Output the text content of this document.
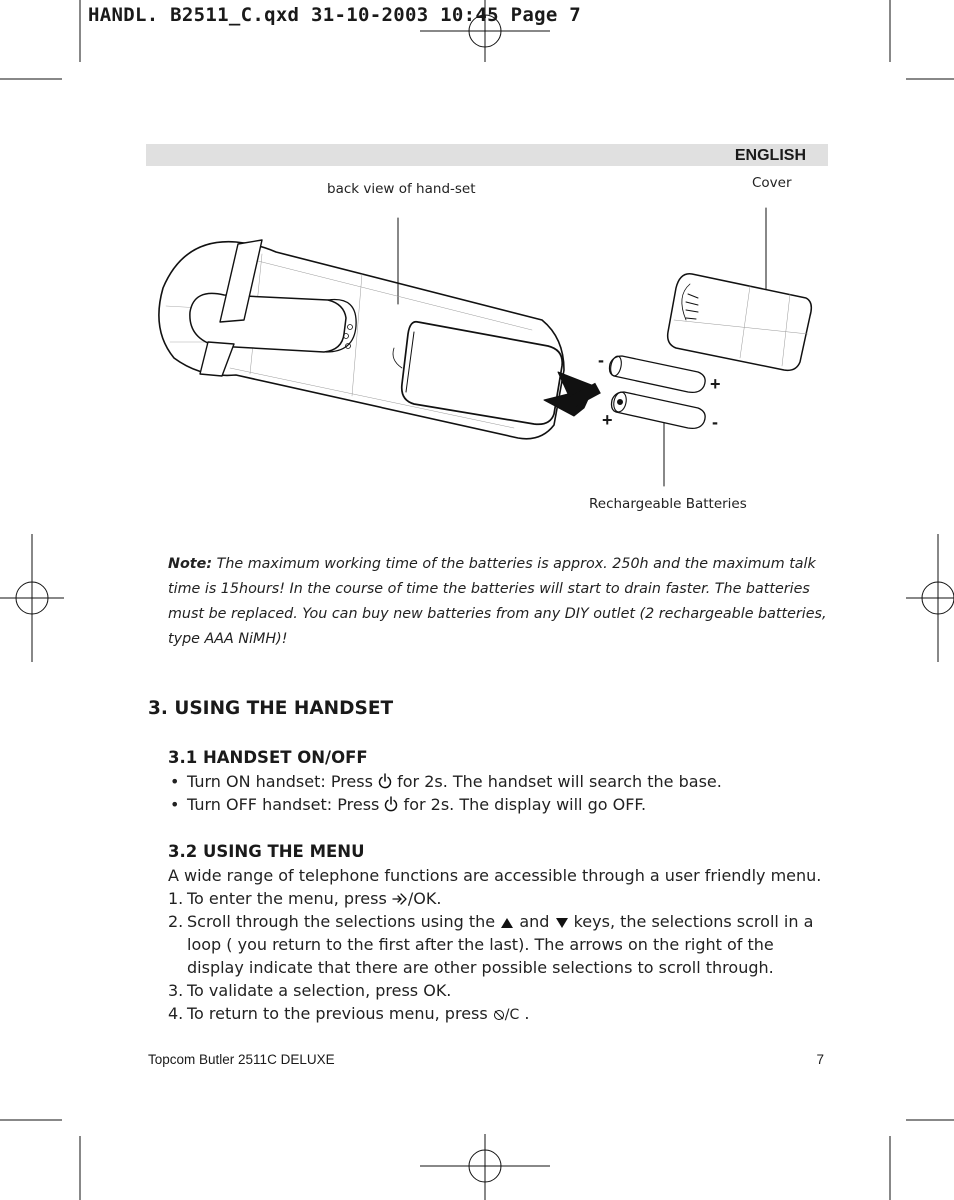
HANDL. B2511_C.qxd 31-10-2003 10:45 Page 7
ENGLISH
back view of hand-set	Cover
Rechargeable Batteries
-
+
+	-

Note: The maximum working time of the batteries is approx. 250h and the maximum talk time is 15hours! In the course of time the batteries will start to drain faster. The batteries must be replaced. You can buy new batteries from any DIY outlet (2 rechargeable batteries, type AAA NiMH)!

3. USING THE HANDSET
3.1 HANDSET ON/OFF
• Turn ON handset: Press  for 2s. The handset will search the base.
• Turn OFF handset: Press  for 2s. The display will go OFF.
3.2 USING THE MENU
A wide range of telephone functions are accessible through a user friendly menu.
1. To enter the menu, press /OK.
2. Scroll through the selections using the  and  keys, the selections scroll in a loop ( you return to the first after the last). The arrows on the right of the display indicate that there are other possible selections to scroll through.
3. To validate a selection, press OK.
4. To return to the previous menu, press /C .
Topcom Butler 2511C DELUXE	7
